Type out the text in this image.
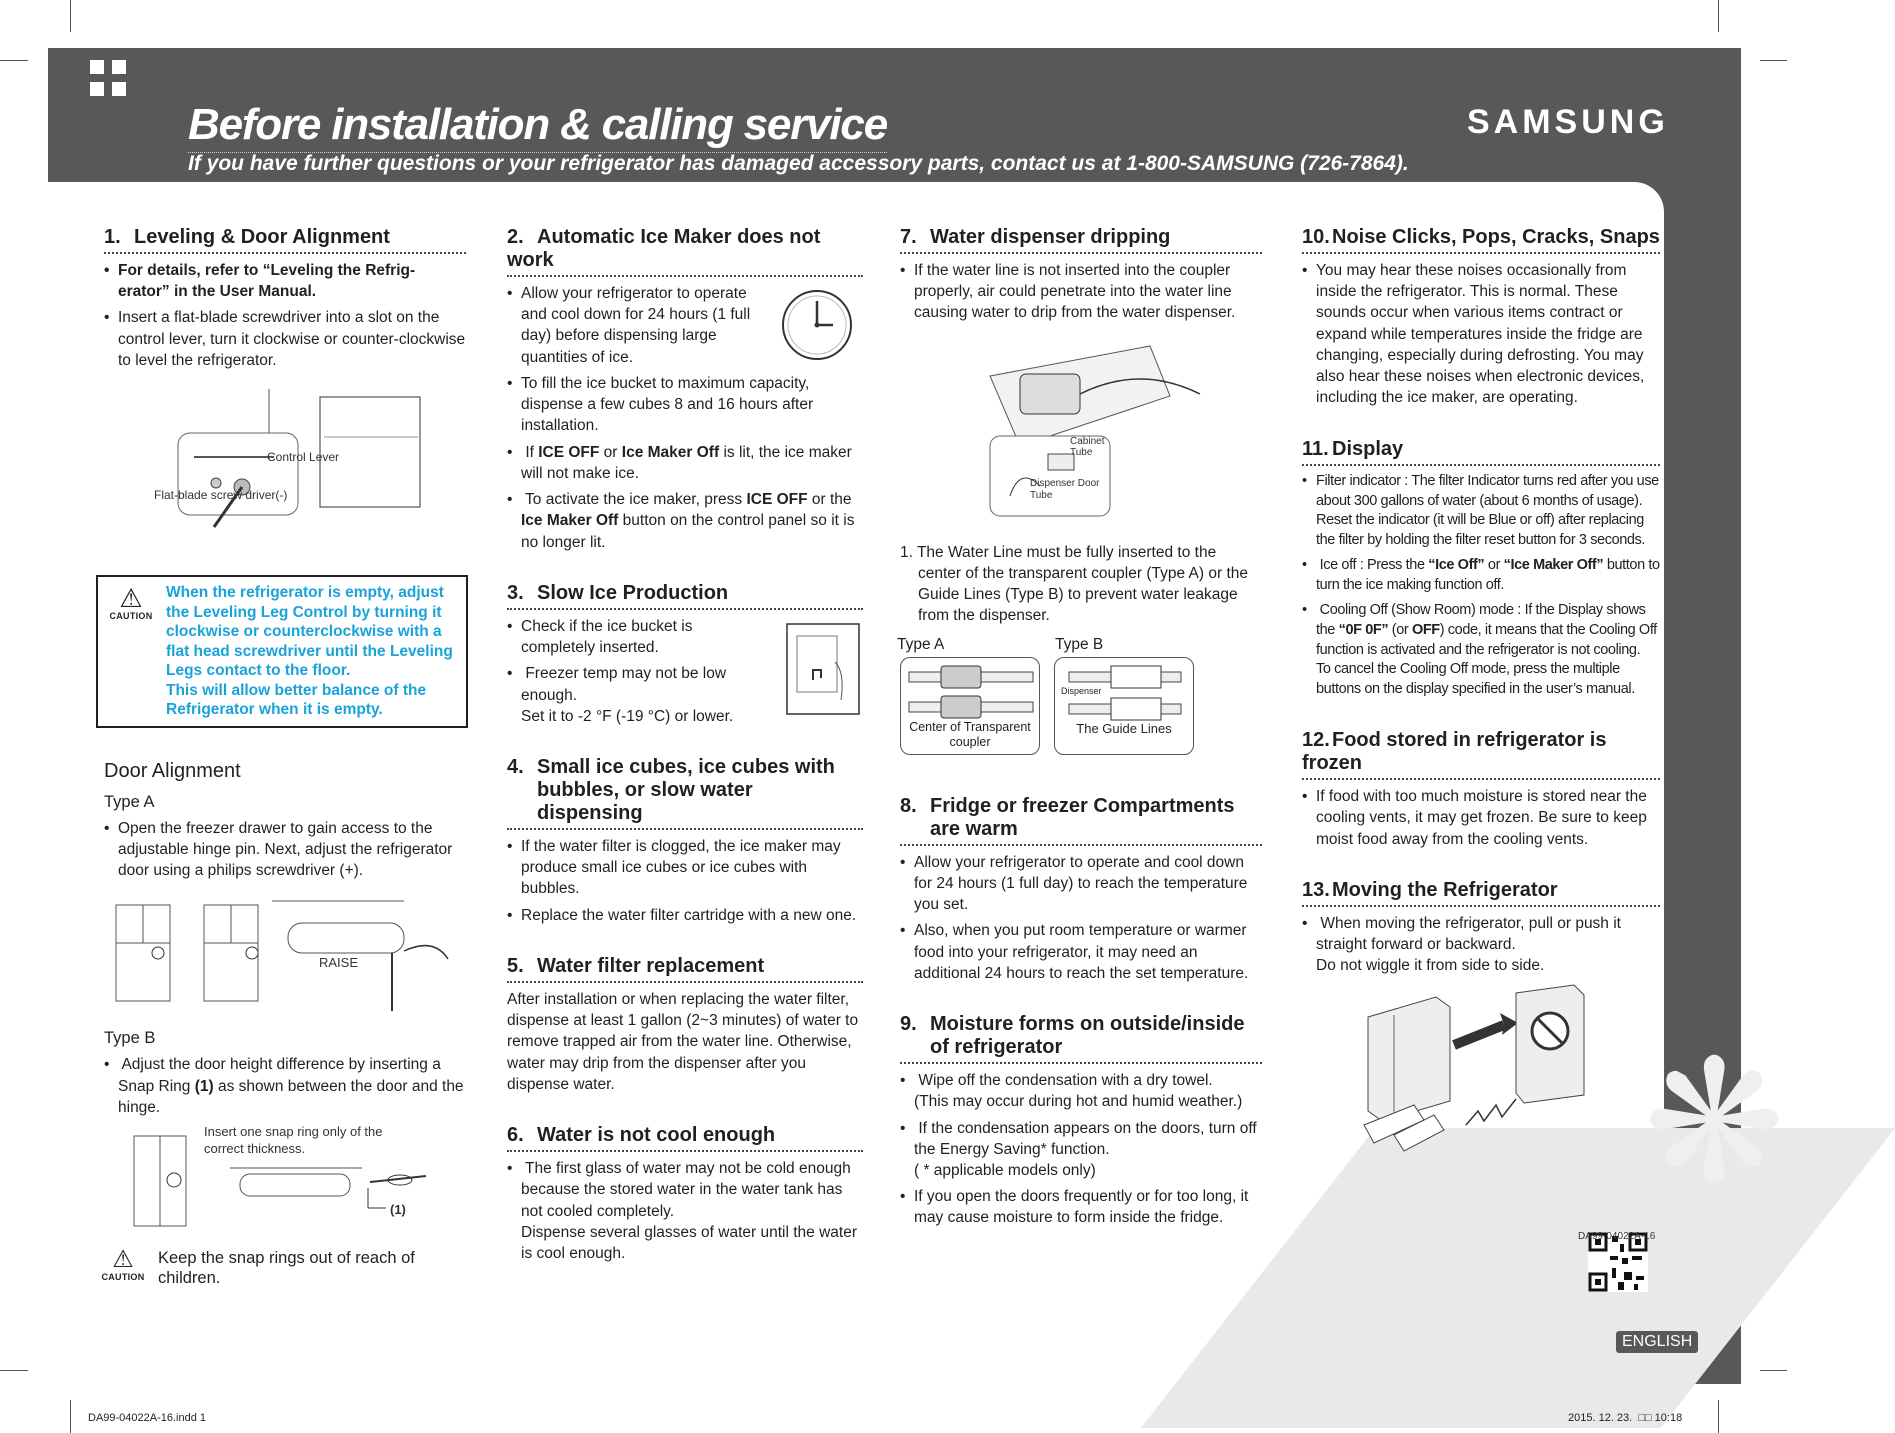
❋
Before installation & calling service
If you have further questions or your refrigerator has damaged accessory parts, contact us at 1-800-SAMSUNG (726-7864).
SAMSUNG
1. Leveling & Door Alignment
• For details, refer to “Leveling the Refrig-erator” in the User Manual.
• Insert a flat-blade screwdriver into a slot on the control lever, turn it clockwise or counter-clockwise to level the refrigerator.
Control Lever
Flat-blade screw driver(-)
⚠
CAUTION
When the refrigerator is empty, adjust the Leveling Leg Control by turning it clockwise or counterclockwise with a flat head screwdriver until the Leveling Legs contact to the floor.
This will allow better balance of the Refrigerator when it is empty.
Door Alignment
Type A
• Open the freezer drawer to gain access to the adjustable hinge pin. Next, adjust the refrigerator door using a philips screwdriver (+).
RAISE
Type B
• Adjust the door height difference by inserting a Snap Ring (1) as shown between the door and the hinge.
Insert one snap ring only of the correct thickness.
(1)
⚠
CAUTION
Keep the snap rings out of reach of children.
2. Automatic Ice Maker does not work
• Allow your refrigerator to operate and cool down for 24 hours (1 full day) before dispensing large quantities of ice.
• To fill the ice bucket to maximum capacity, dispense a few cubes 8 and 16 hours after installation.
• If ICE OFF or Ice Maker Off is lit, the ice maker will not make ice.
• To activate the ice maker, press ICE OFF or the Ice Maker Off button on the control panel so it is no longer lit.
3. Slow Ice Production
• Check if the ice bucket is completely inserted.
• Freezer temp may not be low enough.
Set it to -2 °F (-19 °C) or lower.
4. Small ice cubes, ice cubes with bubbles, or slow water dispensing
• If the water filter is clogged, the ice maker may produce small ice cubes or ice cubes with bubbles.
• Replace the water filter cartridge with a new one.
5. Water filter replacement
After installation or when replacing the water filter, dispense at least 1 gallon (2~3 minutes) of water to remove trapped air from the water line. Otherwise, water may drip from the dispenser after you dispense water.
6. Water is not cool enough
• The first glass of water may not be cold enough because the stored water in the water tank has not cooled completely.
Dispense several glasses of water until the water is cool enough.
7. Water dispenser dripping
• If the water line is not inserted into the coupler properly, air could penetrate into the water line causing water to drip from the water dispenser.
Cabinet Tube
Dispenser Door Tube
1. The Water Line must be fully inserted to the center of the transparent coupler (Type A) or the Guide Lines (Type B) to prevent water leakage from the dispenser.
Type A
Center of Transparent coupler
Type B
Dispenser
The Guide Lines
8. Fridge or freezer Compartments are warm
• Allow your refrigerator to operate and cool down for 24 hours (1 full day) to reach the temperature you set.
• Also, when you put room temperature or warmer food into your refrigerator, it may need an additional 24 hours to reach the set temperature.
9. Moisture forms on outside/inside of refrigerator
• Wipe off the condensation with a dry towel.
(This may occur during hot and humid weather.)
• If the condensation appears on the doors, turn off the Energy Saving* function.
( * applicable models only)
• If you open the doors frequently or for too long, it may cause moisture to form inside the fridge.
10. Noise Clicks, Pops, Cracks, Snaps
• You may hear these noises occasionally from inside the refrigerator. This is normal. These sounds occur when various items contract or expand while temperatures inside the fridge are changing, especially during defrosting. You may also hear these noises when electronic devices, including the ice maker, are operating.
11. Display
• Filter indicator : The filter Indicator turns red after you use about 300 gallons of water (about 6 months of usage). Reset the indicator (it will be Blue or off) after replacing the filter by holding the filter reset button for 3 seconds.
• Ice off : Press the “Ice Off” or “Ice Maker Off” button to turn the ice making function off.
• Cooling Off (Show Room) mode : If the Display shows the “0F 0F” (or OFF) code, it means that the Cooling Off function is activated and the refrigerator is not cooling.
To cancel the Cooling Off mode, press the multiple buttons on the display specified in the user’s manual.
12. Food stored in refrigerator is frozen
• If food with too much moisture is stored near the cooling vents, it may get frozen. Be sure to keep moist food away from the cooling vents.
13. Moving the Refrigerator
• When moving the refrigerator, pull or push it straight forward or backward.
Do not wiggle it from side to side.
DA99-04022A-16
ENGLISH
DA99-04022A-16.indd 1	2015. 12. 23.  □□ 10:18
